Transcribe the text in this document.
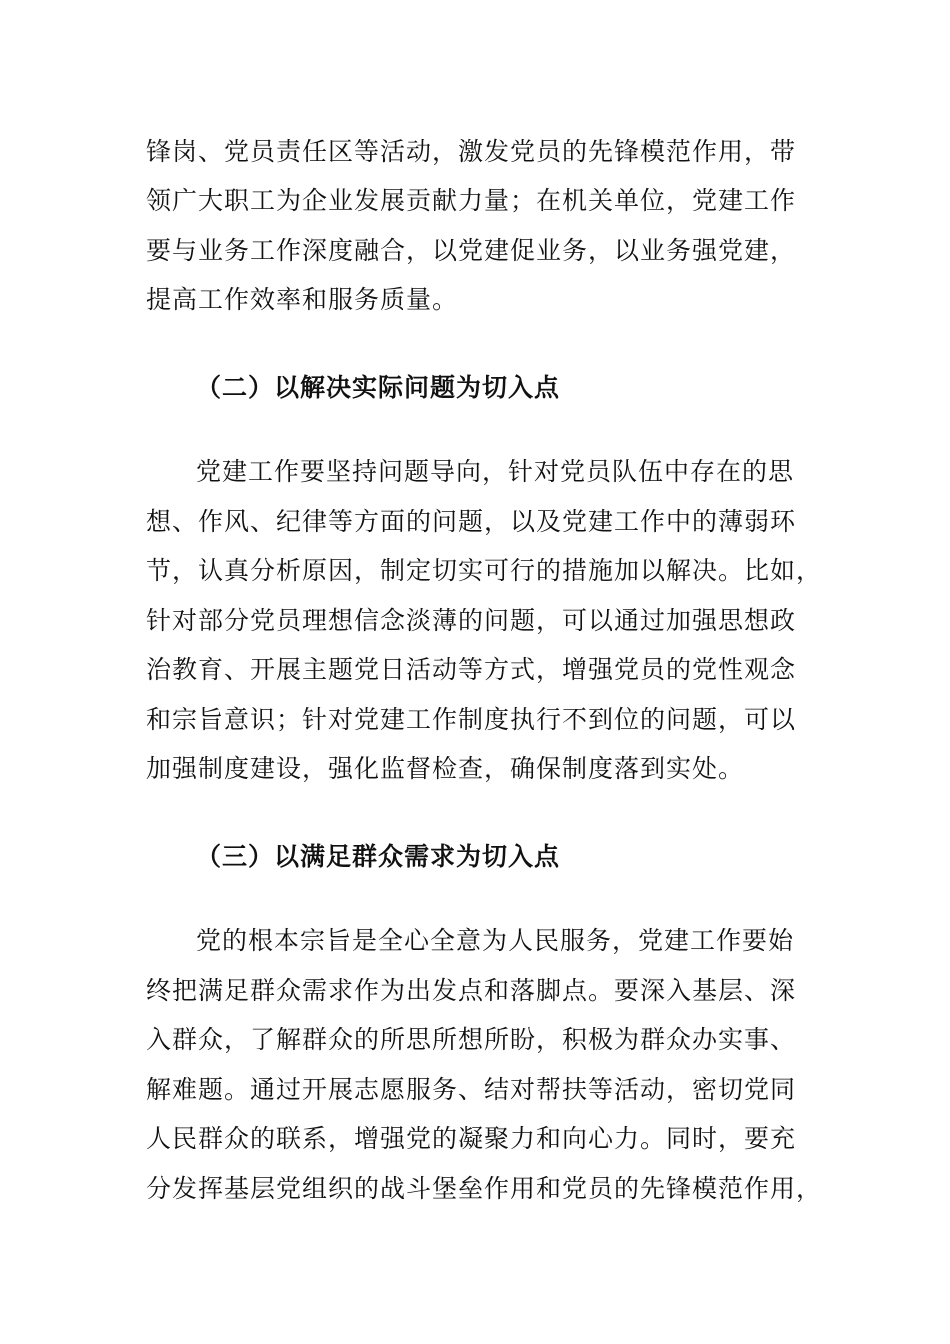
锋岗、党员责任区等活动，激发党员的先锋模范作用，带
领广大职工为企业发展贡献力量；在机关单位，党建工作
要与业务工作深度融合，以党建促业务，以业务强党建，
提高工作效率和服务质量。
（二）以解决实际问题为切入点
党建工作要坚持问题导向，针对党员队伍中存在的思
想、作风、纪律等方面的问题，以及党建工作中的薄弱环
节，认真分析原因，制定切实可行的措施加以解决。比如，
针对部分党员理想信念淡薄的问题，可以通过加强思想政
治教育、开展主题党日活动等方式，增强党员的党性观念
和宗旨意识；针对党建工作制度执行不到位的问题，可以
加强制度建设，强化监督检查，确保制度落到实处。
（三）以满足群众需求为切入点
党的根本宗旨是全心全意为人民服务，党建工作要始
终把满足群众需求作为出发点和落脚点。要深入基层、深
入群众，了解群众的所思所想所盼，积极为群众办实事、
解难题。通过开展志愿服务、结对帮扶等活动，密切党同
人民群众的联系，增强党的凝聚力和向心力。同时，要充
分发挥基层党组织的战斗堡垒作用和党员的先锋模范作用，
